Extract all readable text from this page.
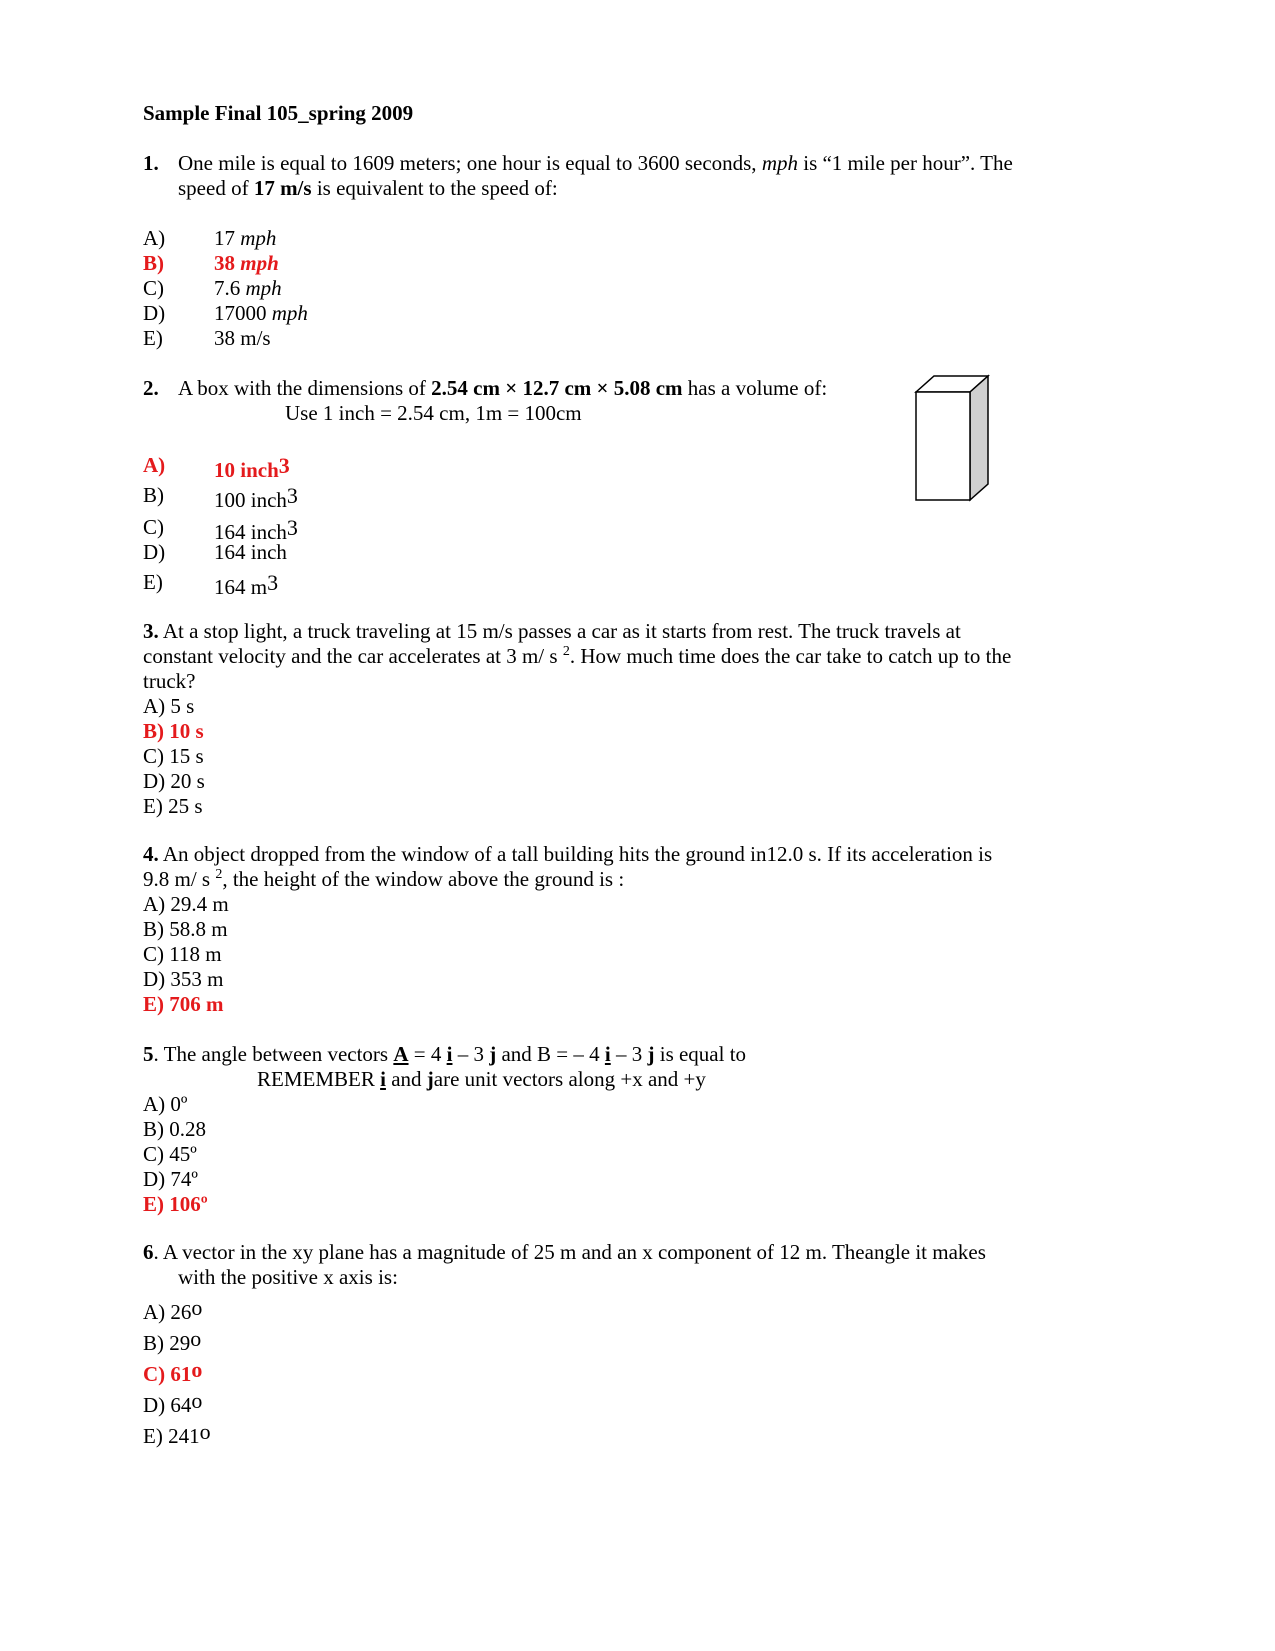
Sample Final 105_spring 2009
1. One mile is equal to 1609 meters; one hour is equal to 3600 seconds, mph is “1 mile per hour”. The
speed of 17 m/s is equivalent to the speed of:
A) 17 mph
B) 38 mph
C) 7.6 mph
D) 17000 mph
E) 38 m/s
2. A box with the dimensions of 2.54 cm × 12.7 cm × 5.08 cm has a volume of:
Use 1 inch = 2.54 cm, 1m = 100cm
A) 10 inch3
B) 100 inch3
C) 164 inch3
D) 164 inch
E) 164 m3
3. At a stop light, a truck traveling at 15 m/s passes a car as it starts from rest. The truck travels at
constant velocity and the car accelerates at 3 m/ s $^2$. How much time does the car take to catch up to the
truck?
A) 5 s
B) 10 s
C) 15 s
D) 20 s
E) 25 s
4. An object dropped from the window of a tall building hits the ground in12.0 s. If its acceleration is
9.8 m/ s $^2$, the height of the window above the ground is :
A) 29.4 m
B) 58.8 m
C) 118 m
D) 353 m
E) 706 m
5. The angle between vectors A = 4 i – 3 j and B = – 4 i – 3 j is equal to
REMEMBER i and jare unit vectors along +x and +y
A) 0º
B) 0.28
C) 45º
D) 74º
E) 106º
6. A vector in the xy plane has a magnitude of 25 m and an x component of 12 m. Theangle it makes
with the positive x axis is:
A) 26o
B) 29o
C) 61o
D) 64o
E) 241o
